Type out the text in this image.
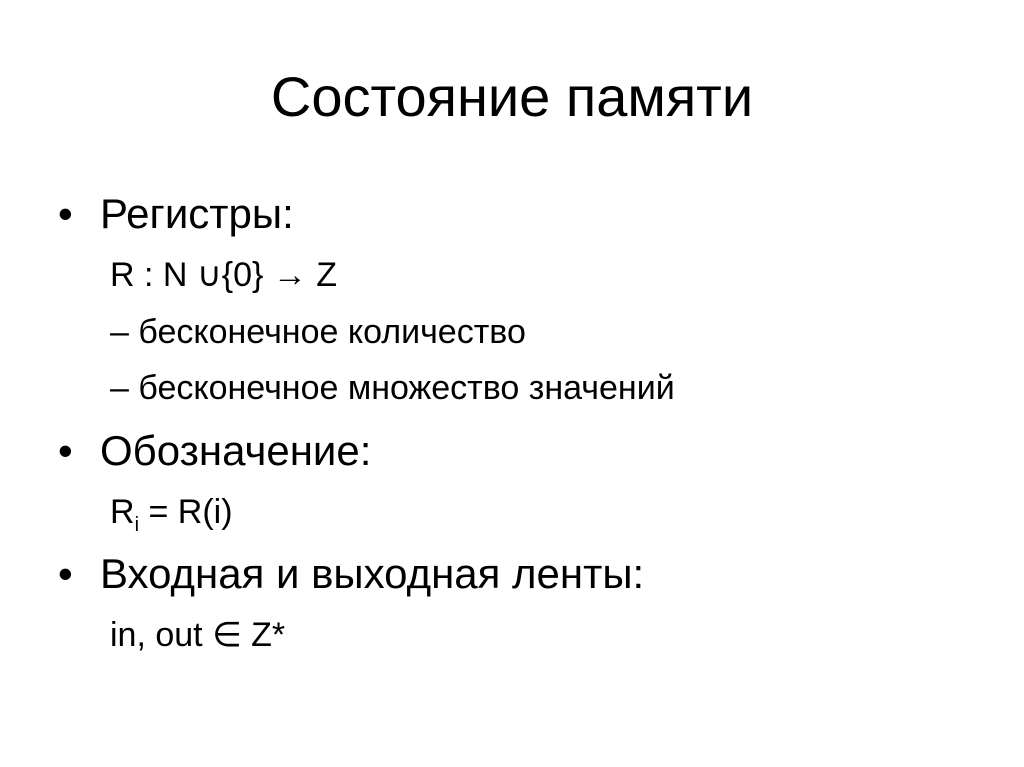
Состояние памяти
• Регистры:
R : N ∪{0} → Z
– бесконечное количество
– бесконечное множество значений
• Обозначение:
$R_i = R(i)$
• Входная и выходная ленты:
in, out ∈ Z*
